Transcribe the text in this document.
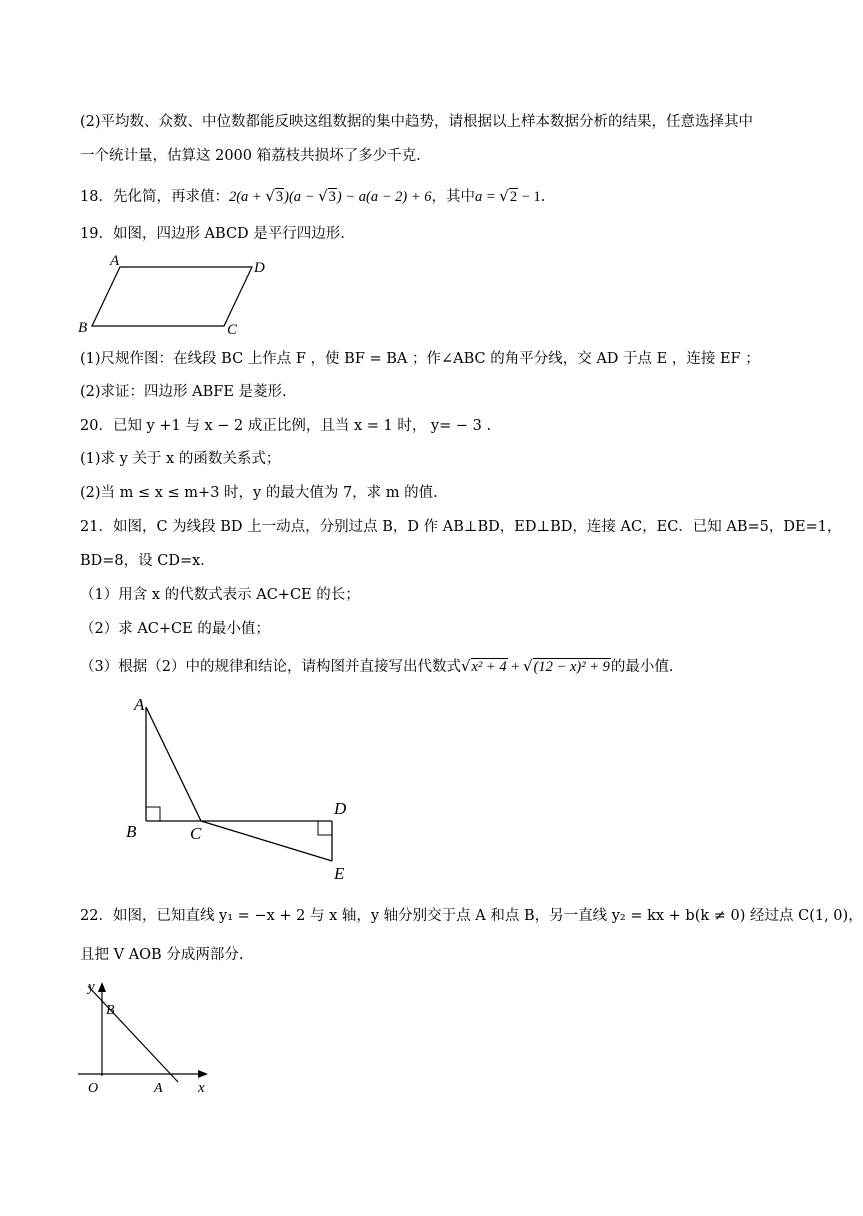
(2)平均数、众数、中位数都能反映这组数据的集中趋势，请根据以上样本数据分析的结果，任意选择其中
一个统计量，估算这 2000 箱荔枝共损坏了多少千克.
18．先化简，再求值：2(a + √3)(a − √3) − a(a − 2) + 6，其中a = √2 − 1.
19．如图，四边形 ABCD 是平行四边形.
A	D
B	C
(1)尺规作图：在线段 BC 上作点 F ，使 BF = BA ；作∠ABC 的角平分线，交 AD 于点 E ，连接 EF ；
(2)求证：四边形 ABFE 是菱形.
20．已知 y +1 与 x − 2 成正比例，且当 x = 1 时， y= − 3 .
(1)求 y 关于 x 的函数关系式；
(2)当 m ≤ x ≤ m+3 时，y 的最大值为 7，求 m 的值.
21．如图，C 为线段 BD 上一动点，分别过点 B，D 作 AB⊥BD，ED⊥BD，连接 AC，EC．已知 AB=5，DE=1，
BD=8，设 CD=x．
（1）用含 x 的代数式表示 AC+CE 的长；
（2）求 AC+CE 的最小值；
（3）根据（2）中的规律和结论，请构图并直接写出代数式√x² + 4 + √(12 − x)² + 9的最小值.
A
B	C
D
E
22．如图，已知直线 y₁ = −x + 2 与 x 轴，y 轴分别交于点 A 和点 B，另一直线 y₂ = kx + b(k ≠ 0) 经过点 C(1, 0)，
且把 V AOB 分成两部分.
y
B
O	A x
